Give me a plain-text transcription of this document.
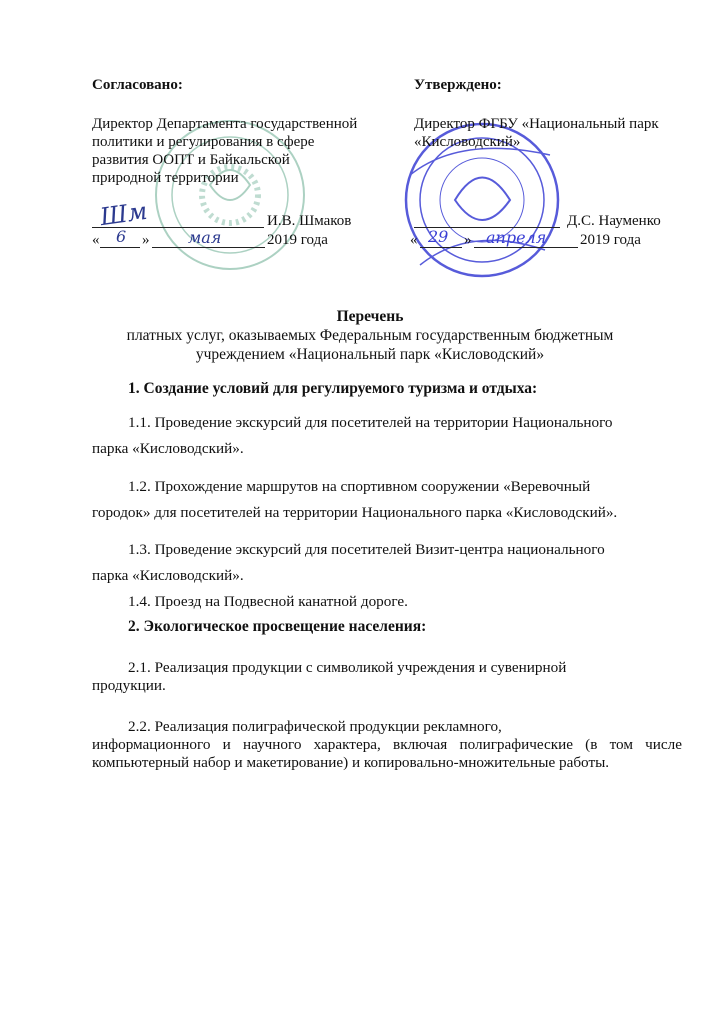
Согласовано:
Директор Департамента государственной
политики и регулирования в сфере
развития ООПТ и Байкальской
природной территории
Шм	И.В. Шмаков
« 6 » мая	2019 года
Утверждено:
Директор ФГБУ «Национальный парк
«Кисловодский»
Д.С. Науменко
« 29 » апреля 2019 года
Перечень
платных услуг, оказываемых Федеральным государственным бюджетным
учреждением «Национальный парк «Кисловодский»
1. Создание условий для регулируемого туризма и отдыха:
1.1. Проведение экскурсий для посетителей на территории Национального
парка «Кисловодский».
1.2. Прохождение маршрутов на спортивном сооружении «Веревочный
городок» для посетителей на территории Национального парка «Кисловодский».
1.3. Проведение экскурсий для посетителей Визит-центра национального
парка «Кисловодский».
1.4. Проезд на Подвесной канатной дороге.
2. Экологическое просвещение населения:
2.1. Реализация продукции с символикой учреждения и сувенирной
продукции.
2.2. Реализация полиграфической продукции рекламного,
информационного и научного характера, включая полиграфические (в том числе компьютерный набор и макетирование) и копировально-множительные работы.
